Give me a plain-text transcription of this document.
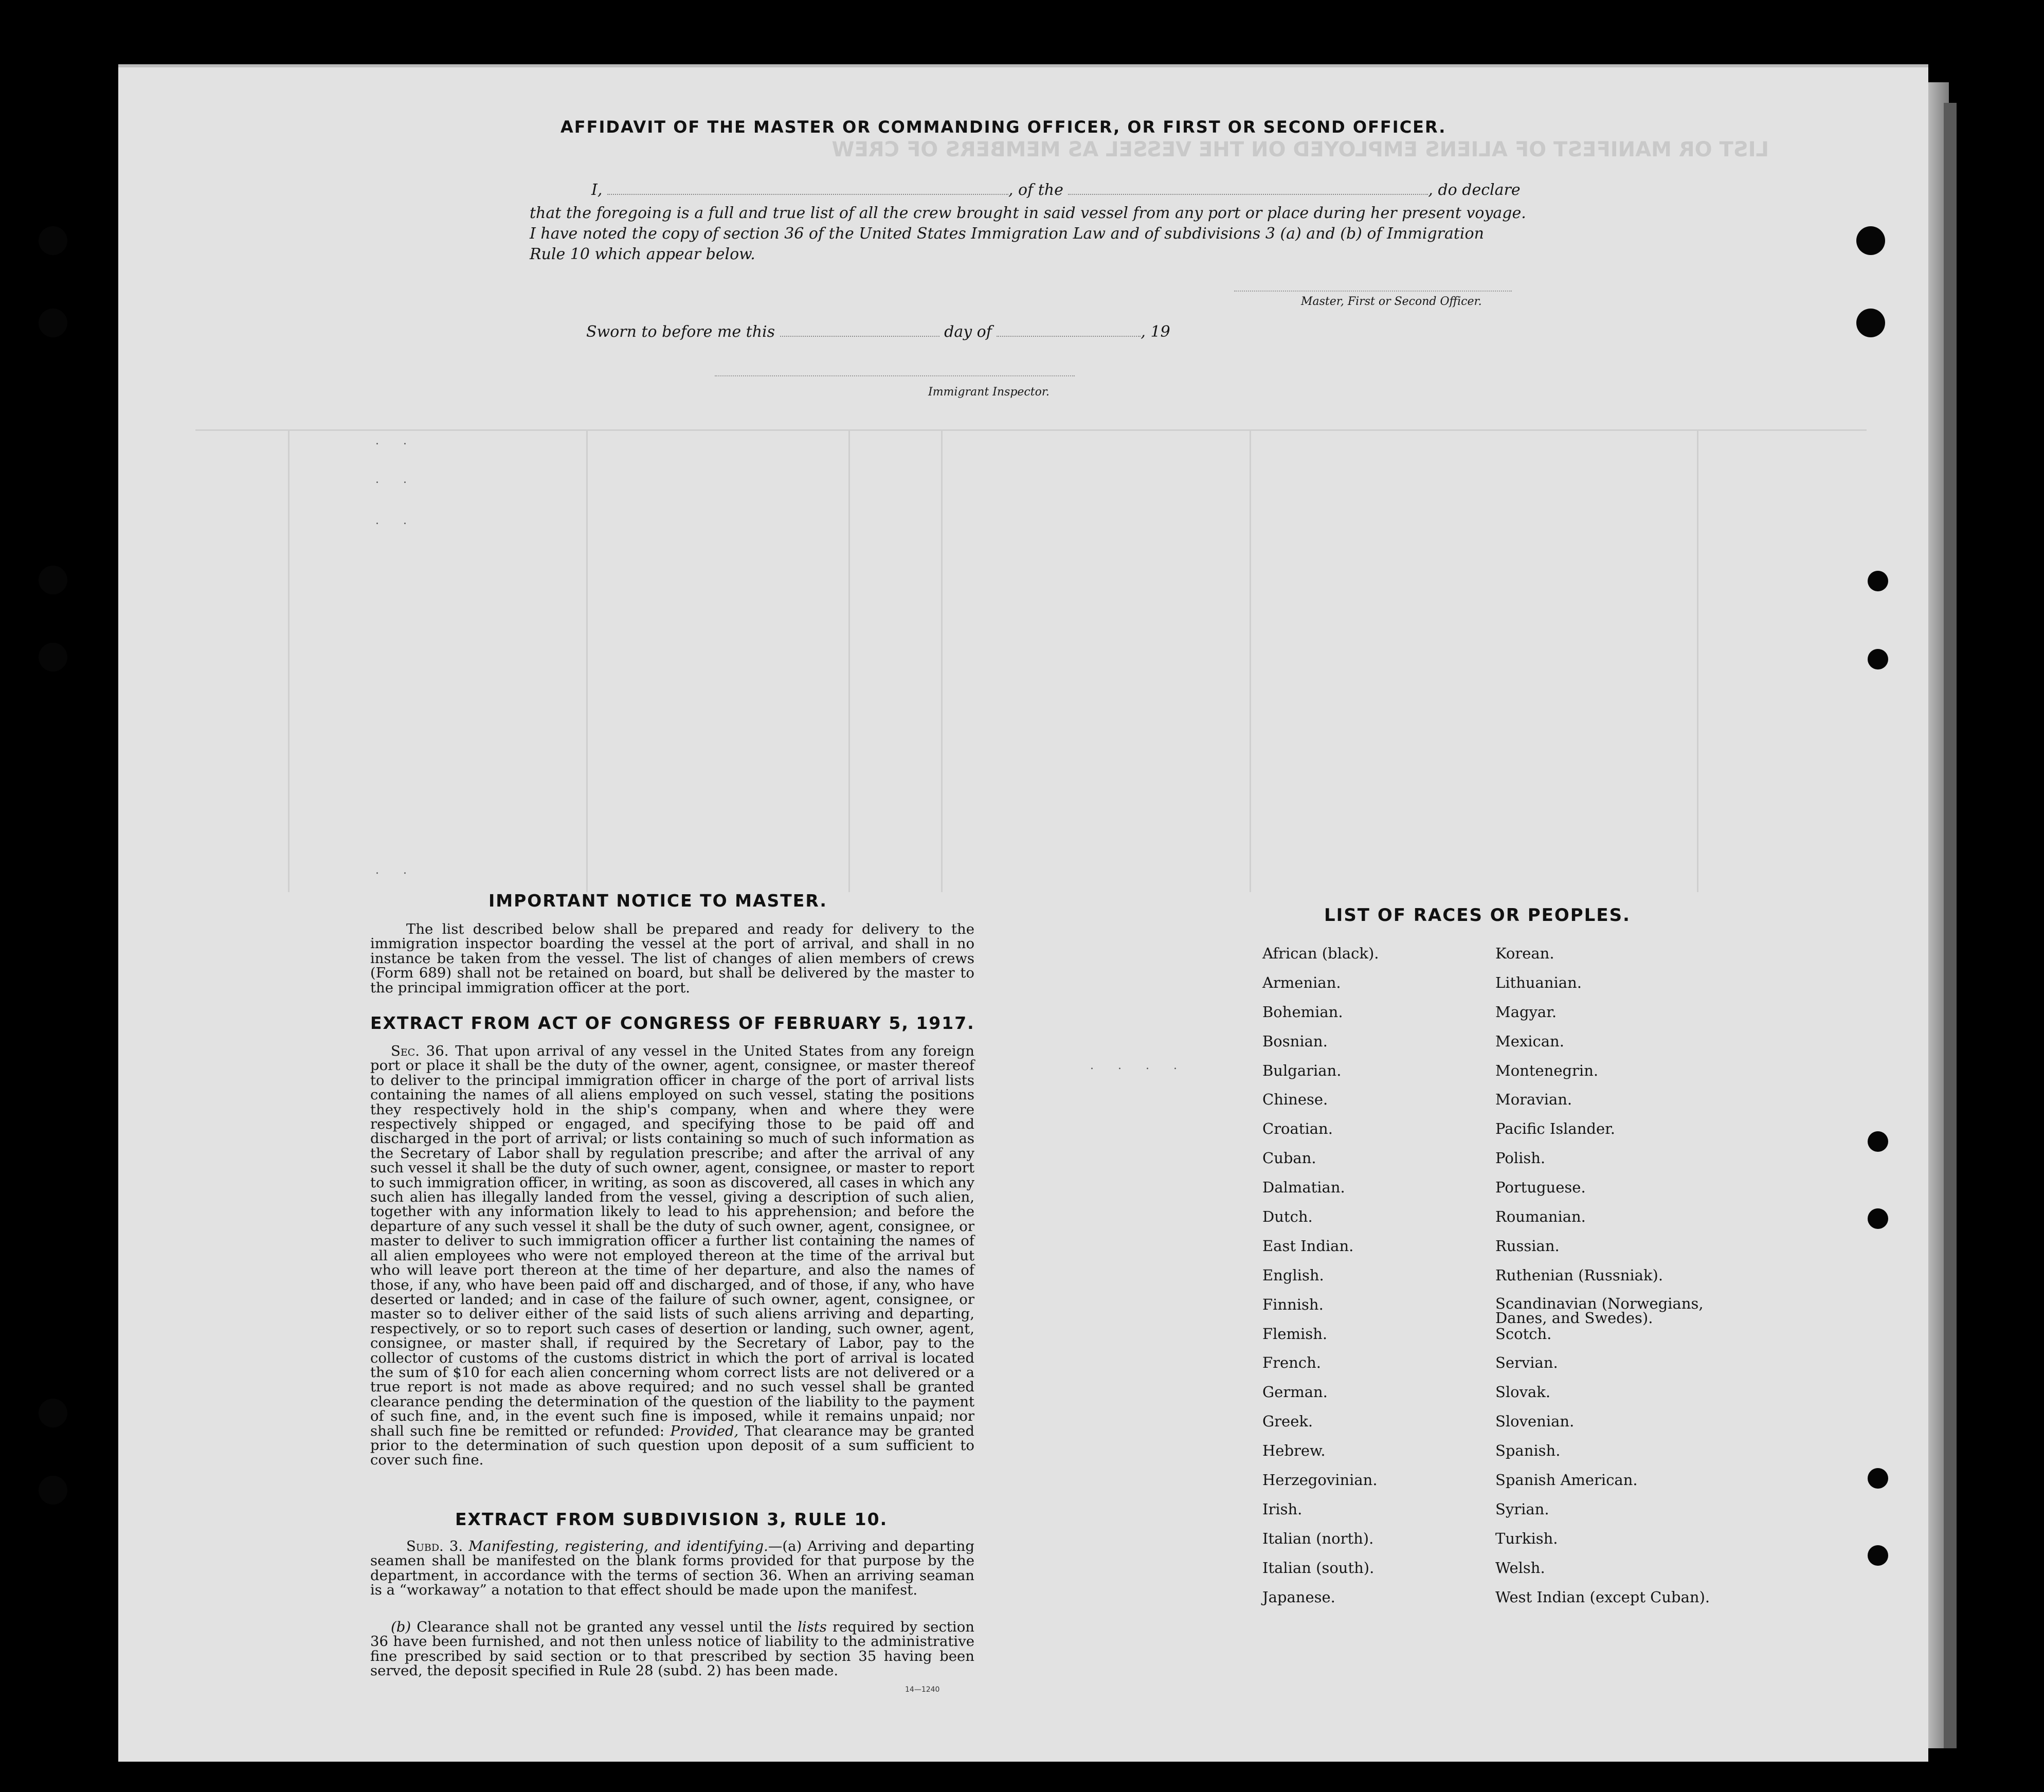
LIST OR MANIFEST OF ALIENS EMPLOYED ON THE VESSEL AS MEMBERS OF CREW
AFFIDAVIT OF THE MASTER OR COMMANDING OFFICER, OR FIRST OR SECOND OFFICER.
I,	, of the	, do declare
that the foregoing is a full and true list of all the crew brought in said vessel from any port or place during her present voyage.
I have noted the copy of section 36 of the United States Immigration Law and of subdivisions 3 (a) and (b) of Immigration
Rule 10 which appear below.
Master, First or Second Officer.
Sworn to before me this	day of	, 19
Immigrant Inspector.
. .
. .
. .
. .
. . . .
IMPORTANT NOTICE TO MASTER.

The list described below shall be prepared and ready for delivery to the immigration inspector boarding the vessel at the port of arrival, and shall in no instance be taken from the vessel. The list of changes of alien members of crews (Form 689) shall not be retained on board, but shall be delivered by the master to the principal immigration officer at the port.

EXTRACT FROM ACT OF CONGRESS OF FEBRUARY 5, 1917.

Sec. 36. That upon arrival of any vessel in the United States from any foreign port or place it shall be the duty of the owner, agent, consignee, or master thereof to deliver to the principal immigration officer in charge of the port of arrival lists containing the names of all aliens employed on such vessel, stating the positions they respectively hold in the ship's company, when and where they were respectively shipped or engaged, and specifying those to be paid off and discharged in the port of arrival; or lists containing so much of such information as the Secretary of Labor shall by regulation prescribe; and after the arrival of any such vessel it shall be the duty of such owner, agent, consignee, or master to report to such immigration officer, in writing, as soon as discovered, all cases in which any such alien has illegally landed from the vessel, giving a description of such alien, together with any information likely to lead to his apprehension; and before the departure of any such vessel it shall be the duty of such owner, agent, consignee, or master to deliver to such immigration officer a further list containing the names of all alien employees who were not employed thereon at the time of the arrival but who will leave port thereon at the time of her departure, and also the names of those, if any, who have been paid off and discharged, and of those, if any, who have deserted or landed; and in case of the failure of such owner, agent, consignee, or master so to deliver either of the said lists of such aliens arriving and departing, respectively, or so to report such cases of desertion or landing, such owner, agent, consignee, or master shall, if required by the Secretary of Labor, pay to the collector of customs of the customs district in which the port of arrival is located the sum of $10 for each alien concerning whom correct lists are not delivered or a true report is not made as above required; and no such vessel shall be granted clearance pending the determination of the question of the liability to the payment of such fine, and, in the event such fine is imposed, while it remains unpaid; nor shall such fine be remitted or refunded: Provided, That clearance may be granted prior to the determination of such question upon deposit of a sum sufficient to cover such fine.

EXTRACT FROM SUBDIVISION 3, RULE 10.

Subd. 3. Manifesting, registering, and identifying.—(a) Arriving and departing seamen shall be manifested on the blank forms provided for that purpose by the department, in accordance with the terms of section 36. When an arriving seaman is a “workaway” a notation to that effect should be made upon the manifest.

(b) Clearance shall not be granted any vessel until the lists required by section 36 have been furnished, and not then unless notice of liability to the administrative fine prescribed by said section or to that prescribed by section 35 having been served, the deposit specified in Rule 28 (subd. 2) has been made.

14—1240
LIST OF RACES OR PEOPLES.
African (black).
Armenian.
Bohemian.
Bosnian.
Bulgarian.
Chinese.
Croatian.
Cuban.
Dalmatian.
Dutch.
East Indian.
English.
Finnish.
Flemish.
French.
German.
Greek.
Hebrew.
Herzegovinian.
Irish.
Italian (north).
Italian (south).
Japanese.
Korean.
Lithuanian.
Magyar.
Mexican.
Montenegrin.
Moravian.
Pacific Islander.
Polish.
Portuguese.
Roumanian.
Russian.
Ruthenian (Russniak).
Scandinavian (Norwegians, Danes, and Swedes).
Scotch.
Servian.
Slovak.
Slovenian.
Spanish.
Spanish American.
Syrian.
Turkish.
Welsh.
West Indian (except Cuban).
